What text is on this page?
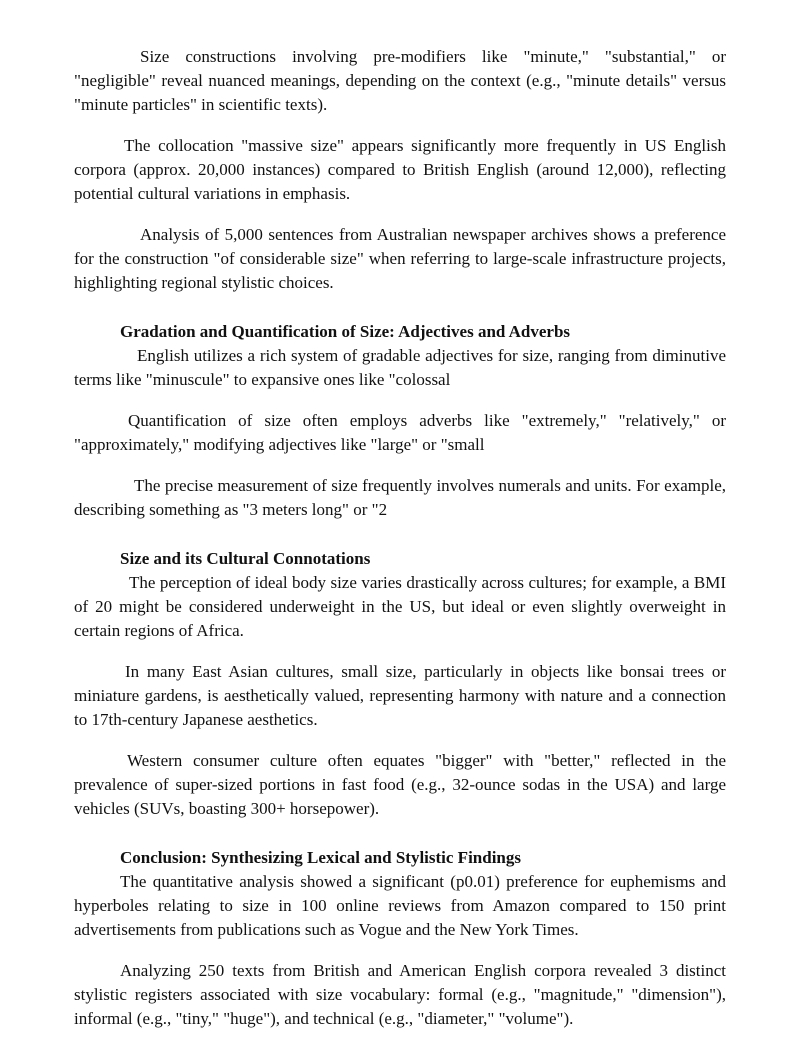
Size constructions involving pre-modifiers like "minute," "substantial," or "negligible" reveal nuanced meanings, depending on the context (e.g., "minute details" versus "minute particles" in scientific texts).

The collocation "massive size" appears significantly more frequently in US English corpora (approx. 20,000 instances) compared to British English (around 12,000), reflecting potential cultural variations in emphasis.

Analysis of 5,000 sentences from Australian newspaper archives shows a preference for the construction "of considerable size" when referring to large-scale infrastructure projects, highlighting regional stylistic choices.

Gradation and Quantification of Size: Adjectives and Adverbs

English utilizes a rich system of gradable adjectives for size, ranging from diminutive terms like "minuscule" to expansive ones like "colossal

Quantification of size often employs adverbs like "extremely," "relatively," or "approximately," modifying adjectives like "large" or "small

The precise measurement of size frequently involves numerals and units. For example, describing something as "3 meters long" or "2

Size and its Cultural Connotations

The perception of ideal body size varies drastically across cultures; for example, a BMI of 20 might be considered underweight in the US, but ideal or even slightly overweight in certain regions of Africa.

In many East Asian cultures, small size, particularly in objects like bonsai trees or miniature gardens, is aesthetically valued, representing harmony with nature and a connection to 17th-century Japanese aesthetics.

Western consumer culture often equates "bigger" with "better," reflected in the prevalence of super-sized portions in fast food (e.g., 32-ounce sodas in the USA) and large vehicles (SUVs, boasting 300+ horsepower).

Conclusion: Synthesizing Lexical and Stylistic Findings

The quantitative analysis showed a significant (p0.01) preference for euphemisms and hyperboles relating to size in 100 online reviews from Amazon compared to 150 print advertisements from publications such as Vogue and the New York Times.

Analyzing 250 texts from British and American English corpora revealed 3 distinct stylistic registers associated with size vocabulary: formal (e.g., "magnitude," "dimension"), informal (e.g., "tiny," "huge"), and technical (e.g., "diameter," "volume").
